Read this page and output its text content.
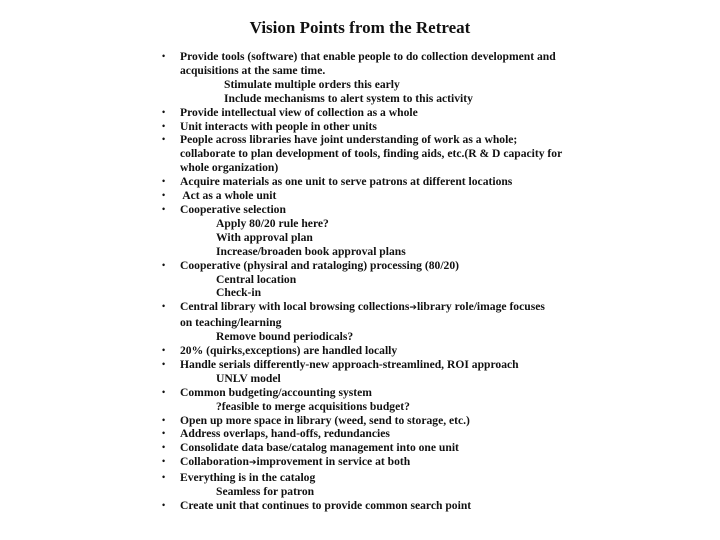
Vision Points from the Retreat
• Provide tools (software) that enable people to do collection development and
acquisitions at the same time.
Stimulate multiple orders this early
Include mechanisms to alert system to this activity
• Provide intellectual view of collection as a whole
• Unit interacts with people in other units
• People across libraries have joint understanding of work as a whole;
collaborate to plan development of tools, finding aids, etc.(R & D capacity for
whole organization)
• Acquire materials as one unit to serve patrons at different locations
• Act as a whole unit
• Cooperative selection
Apply 80/20 rule here?
With approval plan
Increase/broaden book approval plans
• Cooperative (physiral and rataloging) processing (80/20)
Central location
Check-in
• Central library with local browsing collections➔library role/image focuses
on teaching/learning
Remove bound periodicals?
• 20% (quirks,exceptions) are handled locally
• Handle serials differently-new approach-streamlined, ROI approach
UNLV model
• Common budgeting/accounting system
?feasible to merge acquisitions budget?
• Open up more space in library (weed, send to storage, etc.)
• Address overlaps, hand-offs, redundancies
• Consolidate data base/catalog management into one unit
• Collaboration➔improvement in service at both
• Everything is in the catalog
Seamless for patron
• Create unit that continues to provide common search point
